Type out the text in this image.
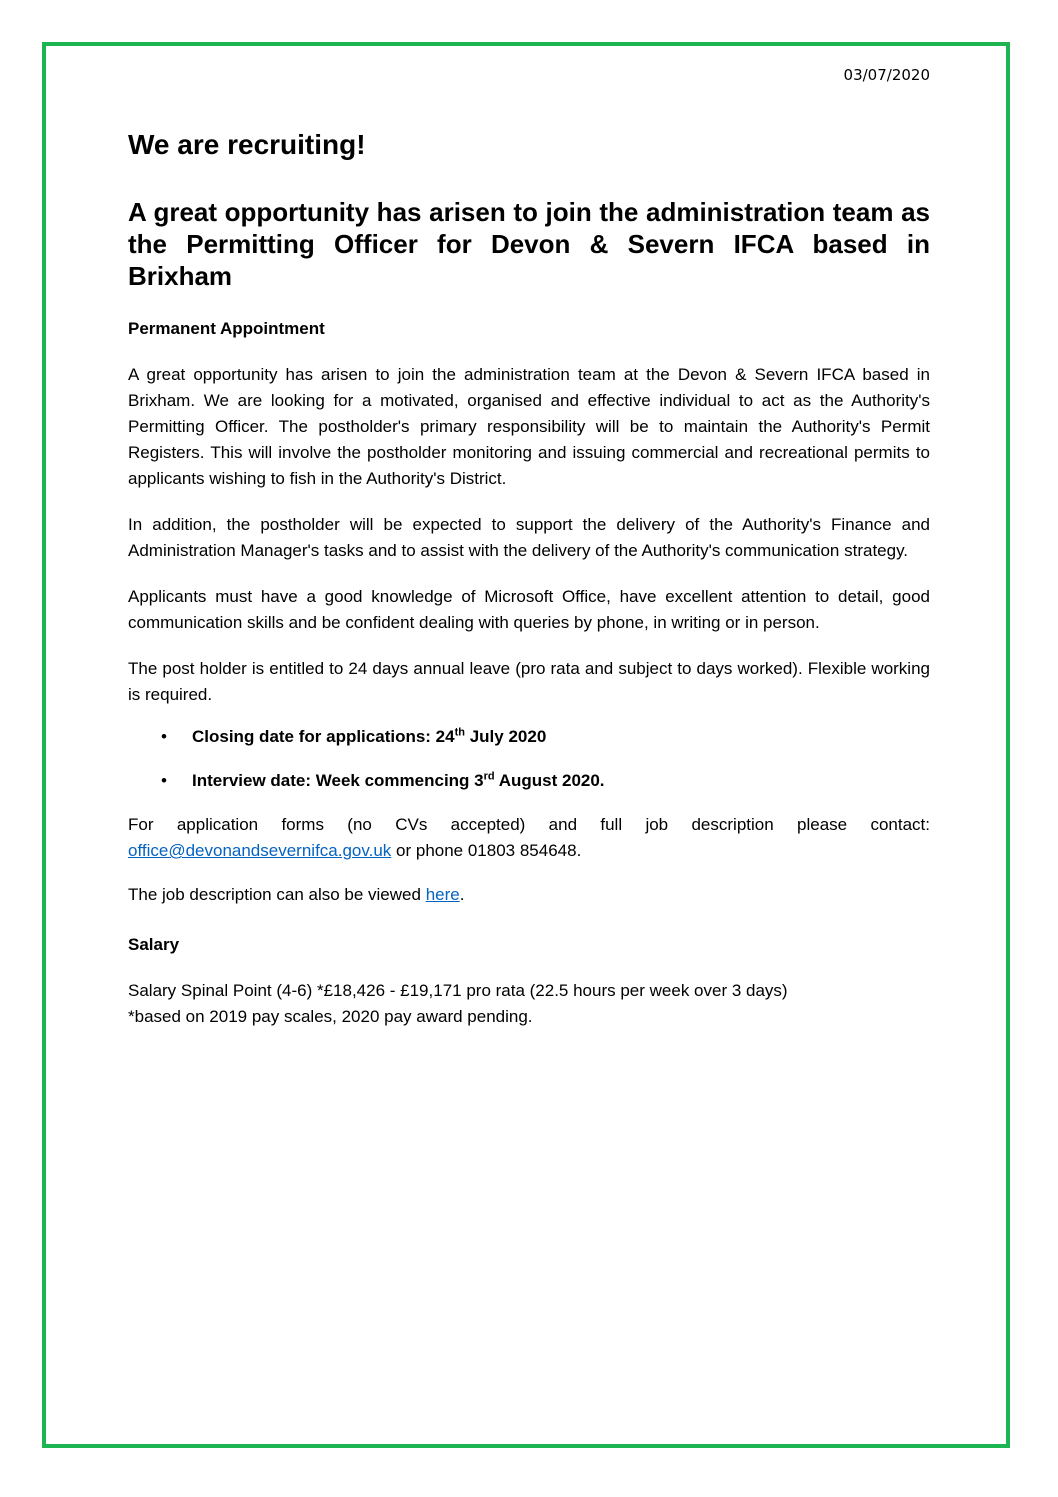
03/07/2020

We are recruiting!
A great opportunity has arisen to join the administration team as the Permitting Officer for Devon & Severn IFCA based in Brixham

Permanent Appointment

A great opportunity has arisen to join the administration team at the Devon & Severn IFCA based in Brixham. We are looking for a motivated, organised and effective individual to act as the Authority's Permitting Officer. The postholder's primary responsibility will be to maintain the Authority's Permit Registers. This will involve the postholder monitoring and issuing commercial and recreational permits to applicants wishing to fish in the Authority's District.

In addition, the postholder will be expected to support the delivery of the Authority's Finance and Administration Manager's tasks and to assist with the delivery of the Authority's communication strategy.

Applicants must have a good knowledge of Microsoft Office, have excellent attention to detail, good communication skills and be confident dealing with queries by phone, in writing or in person.

The post holder is entitled to 24 days annual leave (pro rata and subject to days worked). Flexible working is required.

• Closing date for applications: 24th July 2020
• Interview date: Week commencing 3rd August 2020.

For application forms (no CVs accepted) and full job description please contact: office@devonandsevernifca.gov.uk or phone 01803 854648.

The job description can also be viewed here.

Salary

Salary Spinal Point (4-6) *£18,426 - £19,171 pro rata (22.5 hours per week over 3 days)
*based on 2019 pay scales, 2020 pay award pending.
